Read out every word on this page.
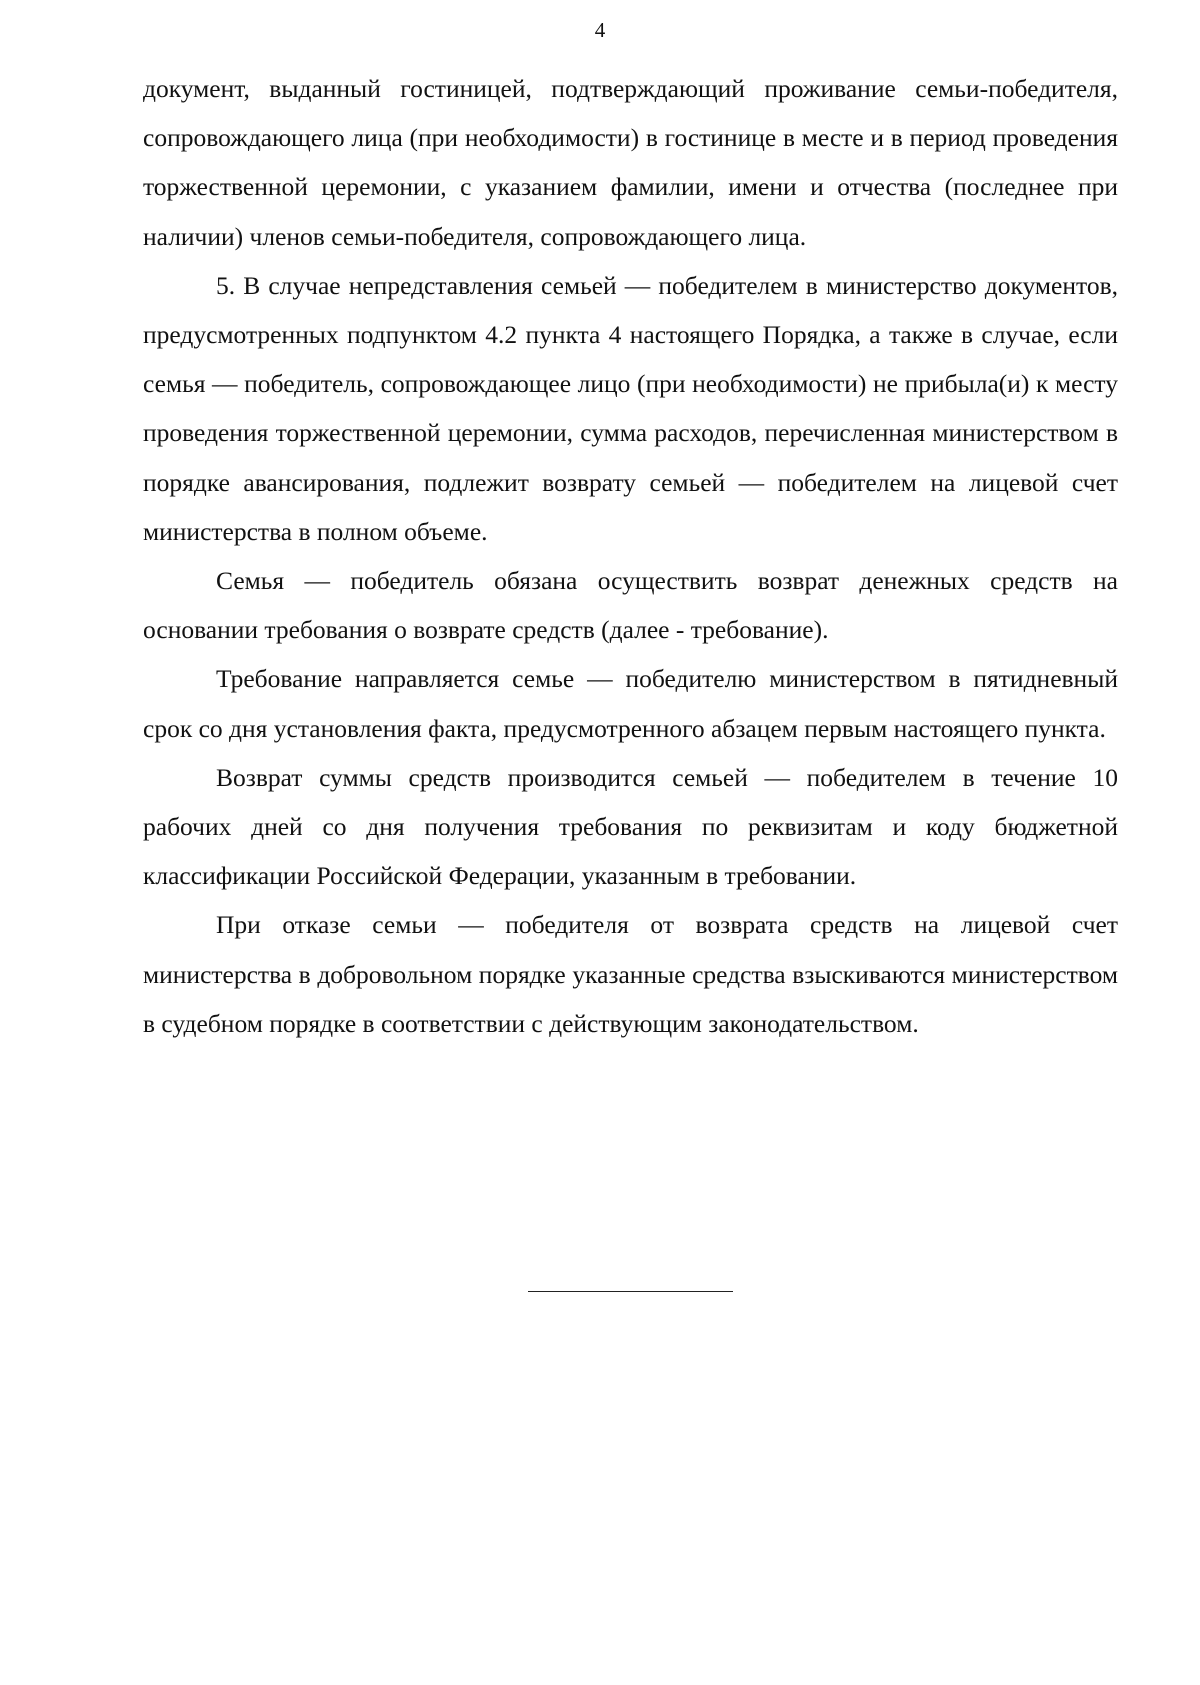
4

документ, выданный гостиницей, подтверждающий проживание семьи-победителя, сопровождающего лица (при необходимости) в гостинице в месте и в период проведения торжественной церемонии, с указанием фамилии, имени и отчества (последнее при наличии) членов семьи-победителя, сопровождающего лица.

5. В случае непредставления семьей — победителем в министерство документов, предусмотренных подпунктом 4.2 пункта 4 настоящего Порядка, а также в случае, если семья — победитель, сопровождающее лицо (при необходимости) не прибыла(и) к месту проведения торжественной церемонии, сумма расходов, перечисленная министерством в порядке авансирования, подлежит возврату семьей — победителем на лицевой счет министерства в полном объеме.

Семья — победитель обязана осуществить возврат денежных средств на основании требования о возврате средств (далее - требование).

Требование направляется семье — победителю министерством в пятидневный срок со дня установления факта, предусмотренного абзацем первым настоящего пункта.

Возврат суммы средств производится семьей — победителем в течение 10 рабочих дней со дня получения требования по реквизитам и коду бюджетной классификации Российской Федерации, указанным в требовании.

При отказе семьи — победителя от возврата средств на лицевой счет министерства в добровольном порядке указанные средства взыскиваются министерством в судебном порядке в соответствии с действующим законодательством.
